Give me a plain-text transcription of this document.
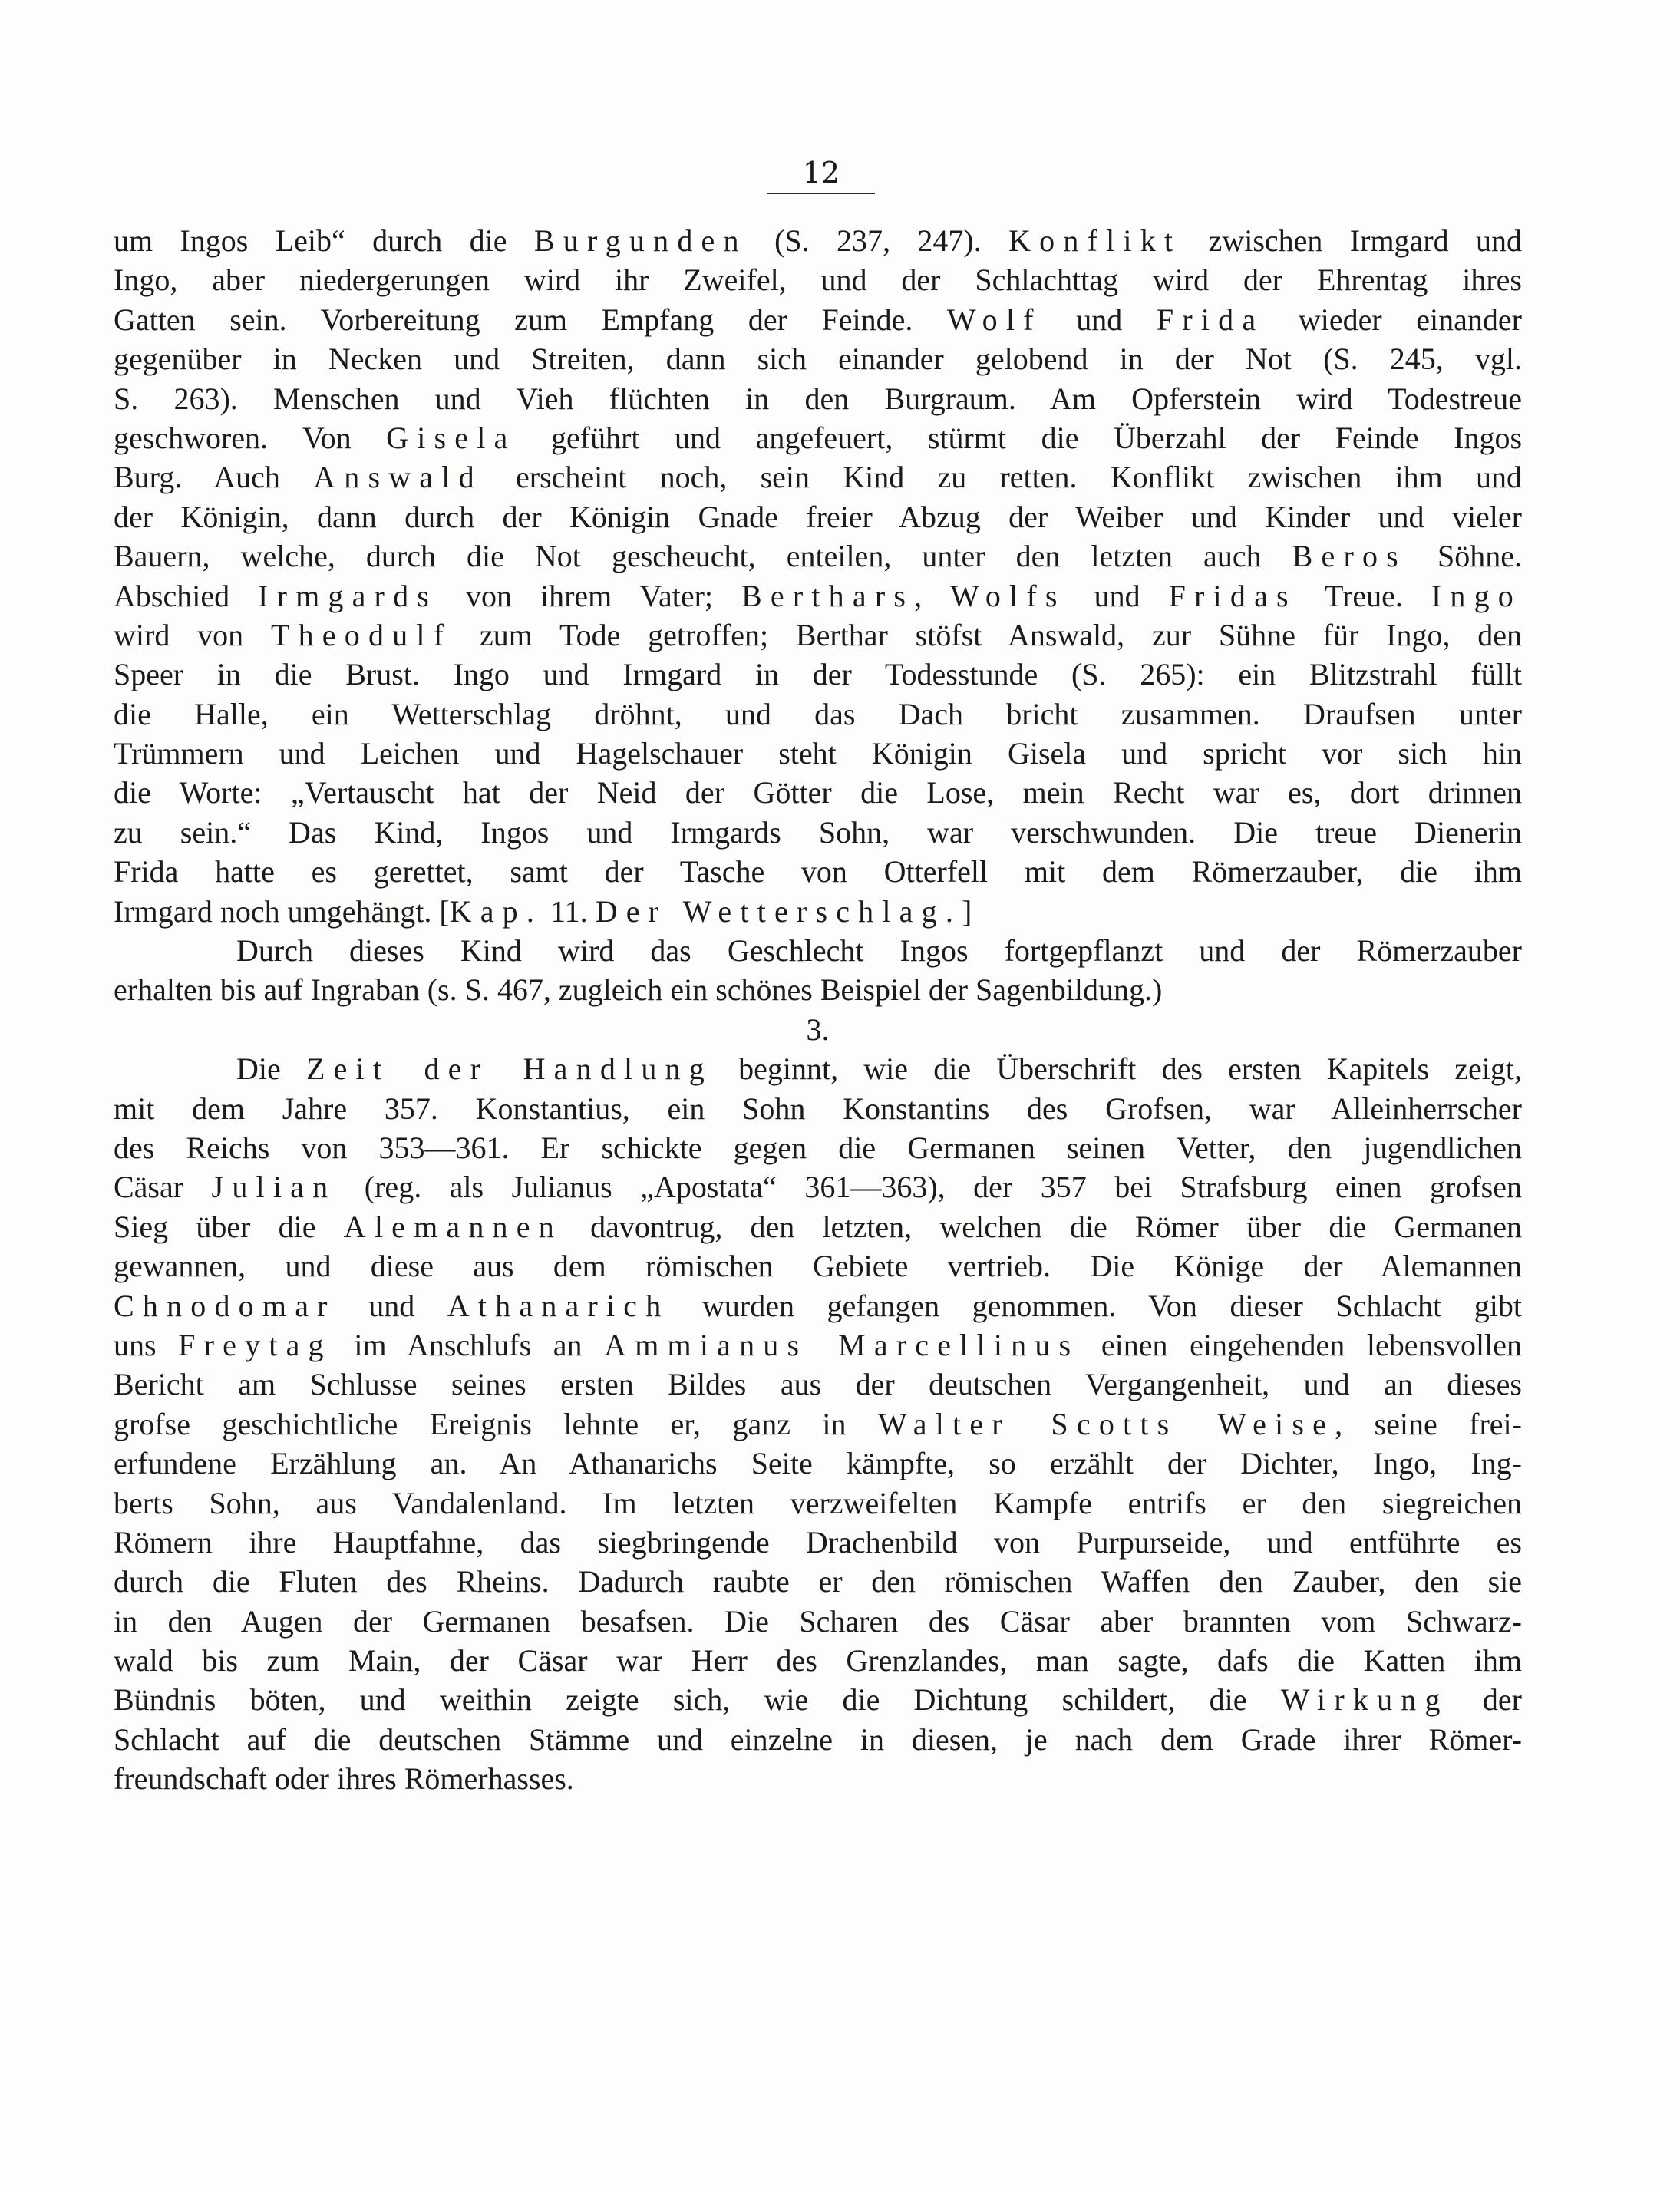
12
um Ingos Leib“ durch die Burgunden (S. 237, 247). Konflikt zwischen Irmgard und
Ingo, aber niedergerungen wird ihr Zweifel, und der Schlachttag wird der Ehrentag ihres
Gatten sein. Vorbereitung zum Empfang der Feinde. Wolf und Frida wieder einander
gegenüber in Necken und Streiten, dann sich einander gelobend in der Not (S. 245, vgl.
S. 263). Menschen und Vieh flüchten in den Burgraum. Am Opferstein wird Todestreue
geschworen. Von Gisela geführt und angefeuert, stürmt die Überzahl der Feinde Ingos
Burg. Auch Answald erscheint noch, sein Kind zu retten. Konflikt zwischen ihm und
der Königin, dann durch der Königin Gnade freier Abzug der Weiber und Kinder und vieler
Bauern, welche, durch die Not gescheucht, enteilen, unter den letzten auch Beros Söhne.
Abschied Irmgards von ihrem Vater; Berthars, Wolfs und Fridas Treue. Ingo
wird von Theodulf zum Tode getroffen; Berthar stöfst Answald, zur Sühne für Ingo, den
Speer in die Brust. Ingo und Irmgard in der Todesstunde (S. 265): ein Blitzstrahl füllt
die Halle, ein Wetterschlag dröhnt, und das Dach bricht zusammen. Draufsen unter
Trümmern und Leichen und Hagelschauer steht Königin Gisela und spricht vor sich hin
die Worte: „Vertauscht hat der Neid der Götter die Lose, mein Recht war es, dort drinnen
zu sein.“ Das Kind, Ingos und Irmgards Sohn, war verschwunden. Die treue Dienerin
Frida hatte es gerettet, samt der Tasche von Otterfell mit dem Römerzauber, die ihm
Irmgard noch umgehängt. [Kap. 11. Der Wetterschlag.]
Durch dieses Kind wird das Geschlecht Ingos fortgepflanzt und der Römerzauber
erhalten bis auf Ingraban (s. S. 467, zugleich ein schönes Beispiel der Sagenbildung.)
3.
Die Zeit der Handlung beginnt, wie die Überschrift des ersten Kapitels zeigt,
mit dem Jahre 357. Konstantius, ein Sohn Konstantins des Grofsen, war Alleinherrscher
des Reichs von 353—361. Er schickte gegen die Germanen seinen Vetter, den jugendlichen
Cäsar Julian (reg. als Julianus „Apostata“ 361—363), der 357 bei Strafsburg einen grofsen
Sieg über die Alemannen davontrug, den letzten, welchen die Römer über die Germanen
gewannen, und diese aus dem römischen Gebiete vertrieb. Die Könige der Alemannen
Chnodomar und Athanarich wurden gefangen genommen. Von dieser Schlacht gibt
uns Freytag im Anschlufs an Ammianus Marcellinus einen eingehenden lebensvollen
Bericht am Schlusse seines ersten Bildes aus der deutschen Vergangenheit, und an dieses
grofse geschichtliche Ereignis lehnte er, ganz in Walter Scotts Weise, seine frei-
erfundene Erzählung an. An Athanarichs Seite kämpfte, so erzählt der Dichter, Ingo, Ing-
berts Sohn, aus Vandalenland. Im letzten verzweifelten Kampfe entrifs er den siegreichen
Römern ihre Hauptfahne, das siegbringende Drachenbild von Purpurseide, und entführte es
durch die Fluten des Rheins. Dadurch raubte er den römischen Waffen den Zauber, den sie
in den Augen der Germanen besafsen. Die Scharen des Cäsar aber brannten vom Schwarz-
wald bis zum Main, der Cäsar war Herr des Grenzlandes, man sagte, dafs die Katten ihm
Bündnis böten, und weithin zeigte sich, wie die Dichtung schildert, die Wirkung der
Schlacht auf die deutschen Stämme und einzelne in diesen, je nach dem Grade ihrer Römer-
freundschaft oder ihres Römerhasses.
